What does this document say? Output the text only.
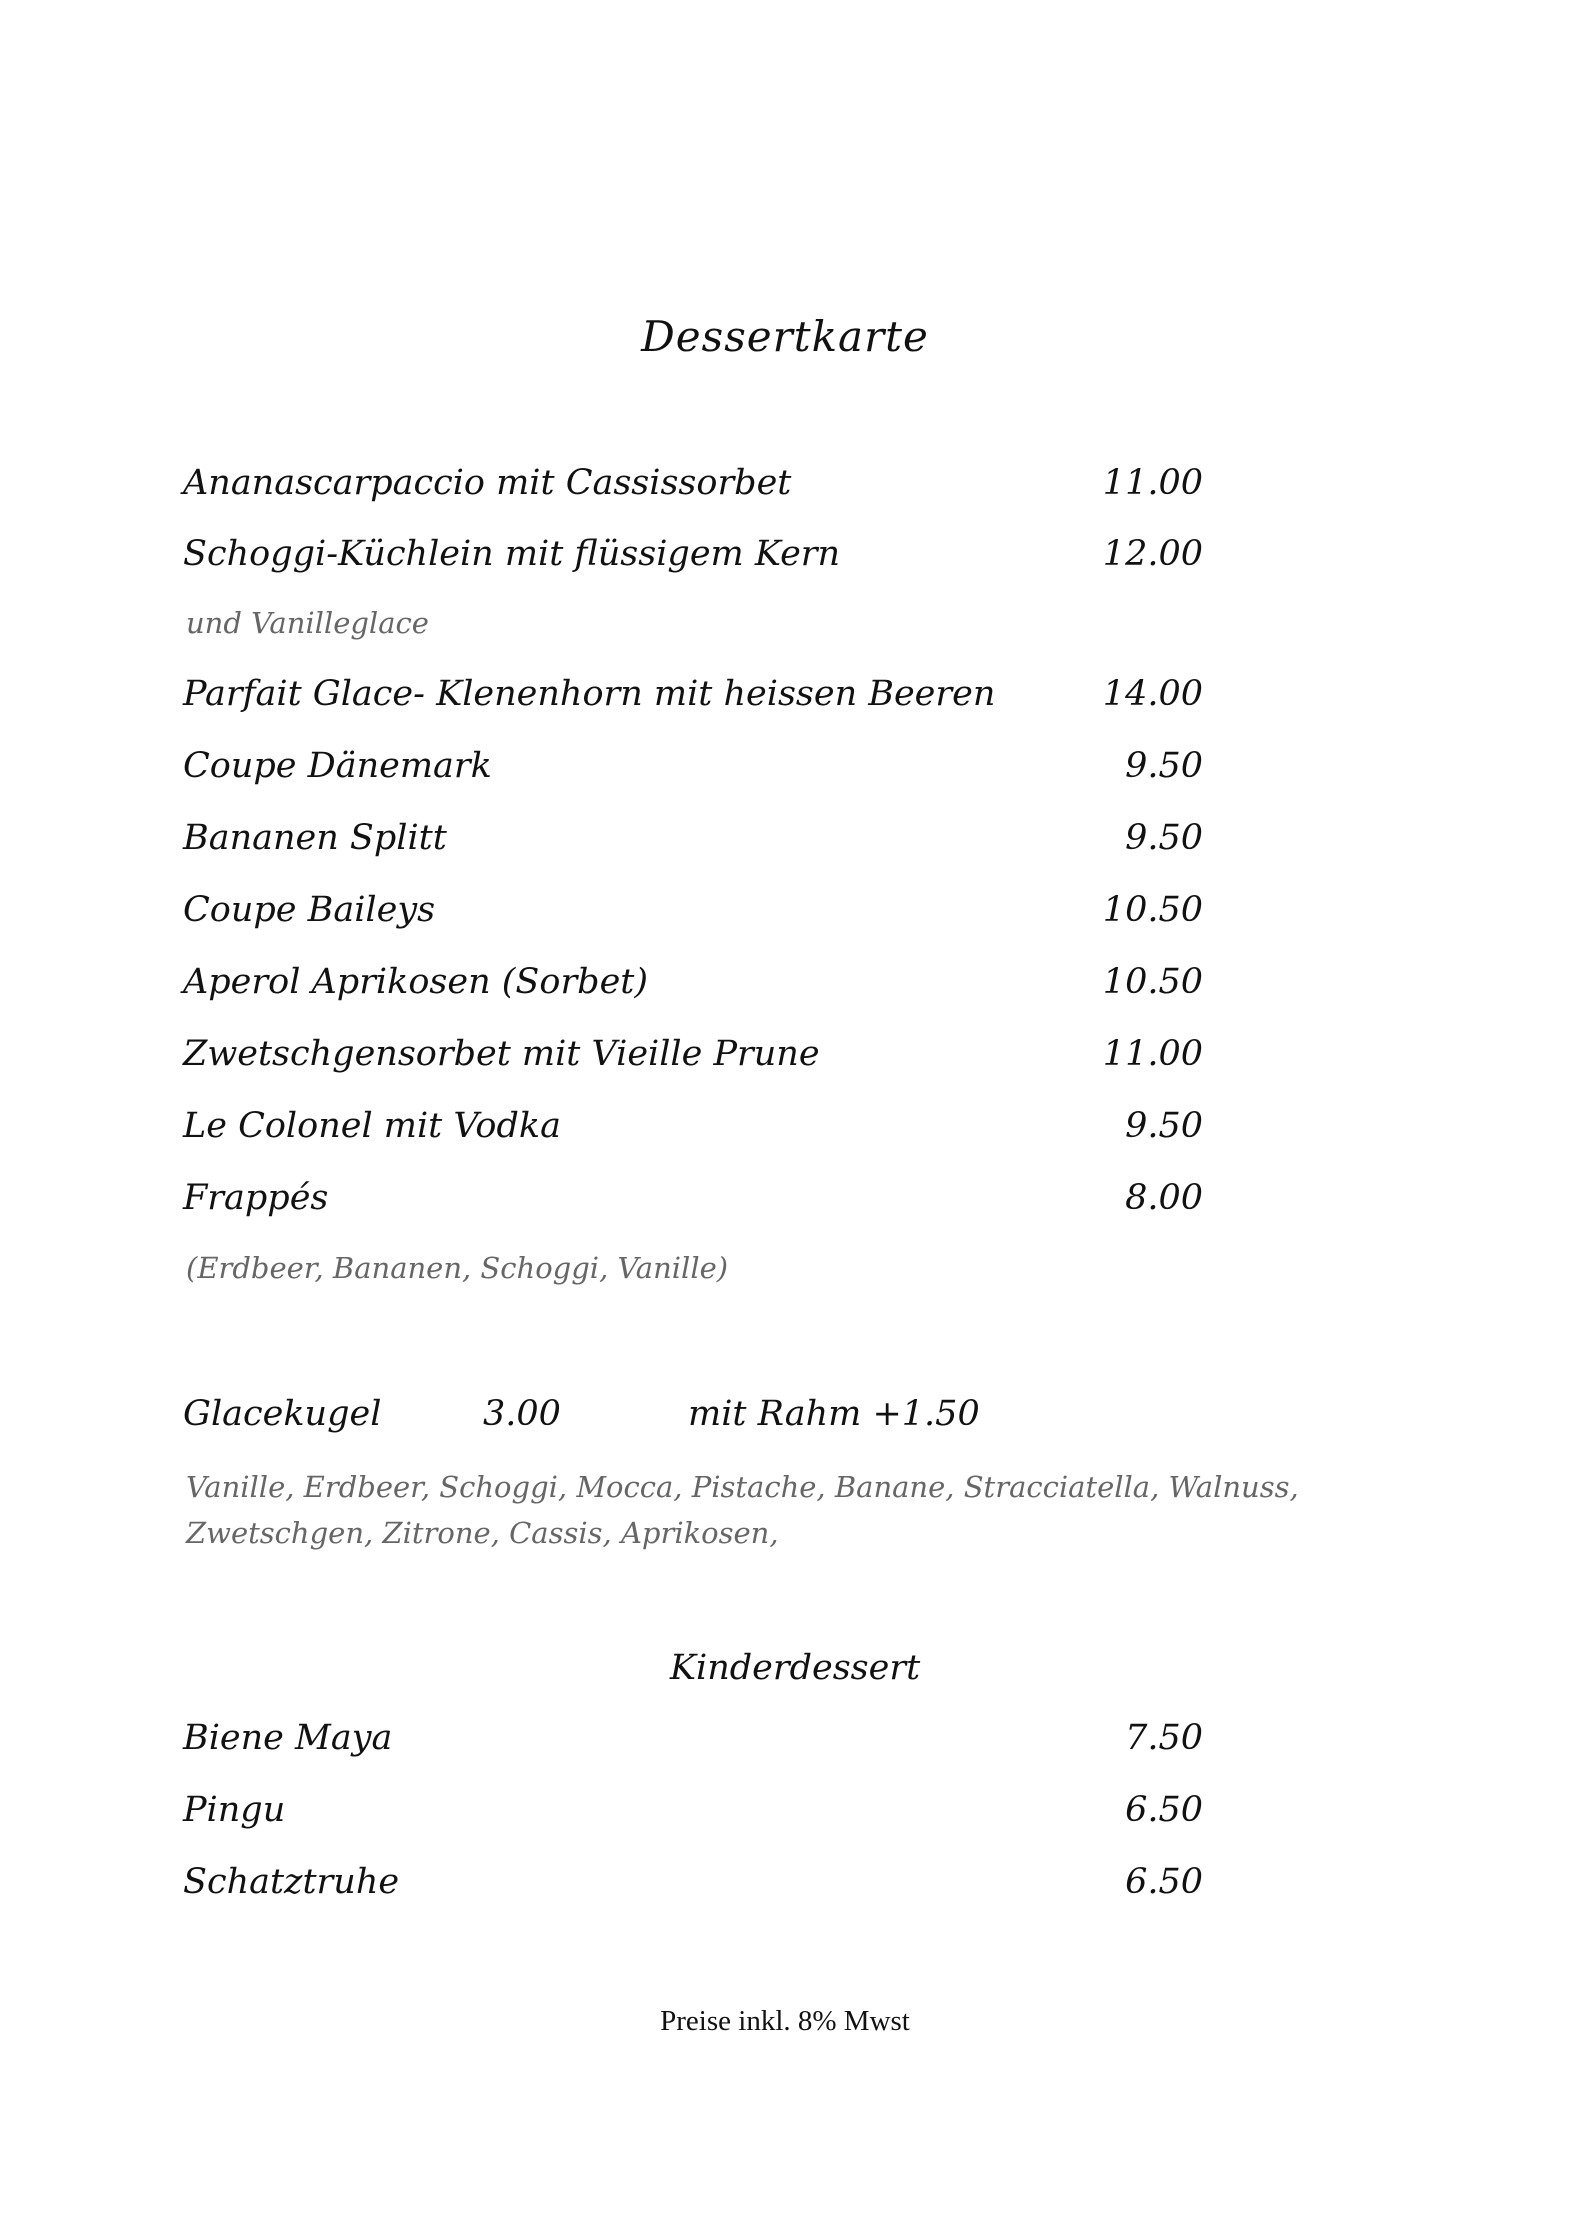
Dessertkarte
Ananascarpaccio mit Cassissorbet	11.00
Schoggi-Küchlein mit flüssigem Kern	12.00
und Vanilleglace
Parfait Glace- Klenenhorn mit heissen Beeren	14.00
Coupe Dänemark	9.50
Bananen Splitt	9.50
Coupe Baileys	10.50
Aperol Aprikosen (Sorbet)	10.50
Zwetschgensorbet mit Vieille Prune	11.00
Le Colonel mit Vodka	9.50
Frappés	8.00
(Erdbeer, Bananen, Schoggi, Vanille)
Glacekugel	3.00	mit Rahm +1.50
Vanille, Erdbeer, Schoggi, Mocca, Pistache, Banane, Stracciatella, Walnuss,
Zwetschgen, Zitrone, Cassis, Aprikosen,
Kinderdessert
Biene Maya	7.50
Pingu	6.50
Schatztruhe	6.50
Preise inkl. 8% Mwst
